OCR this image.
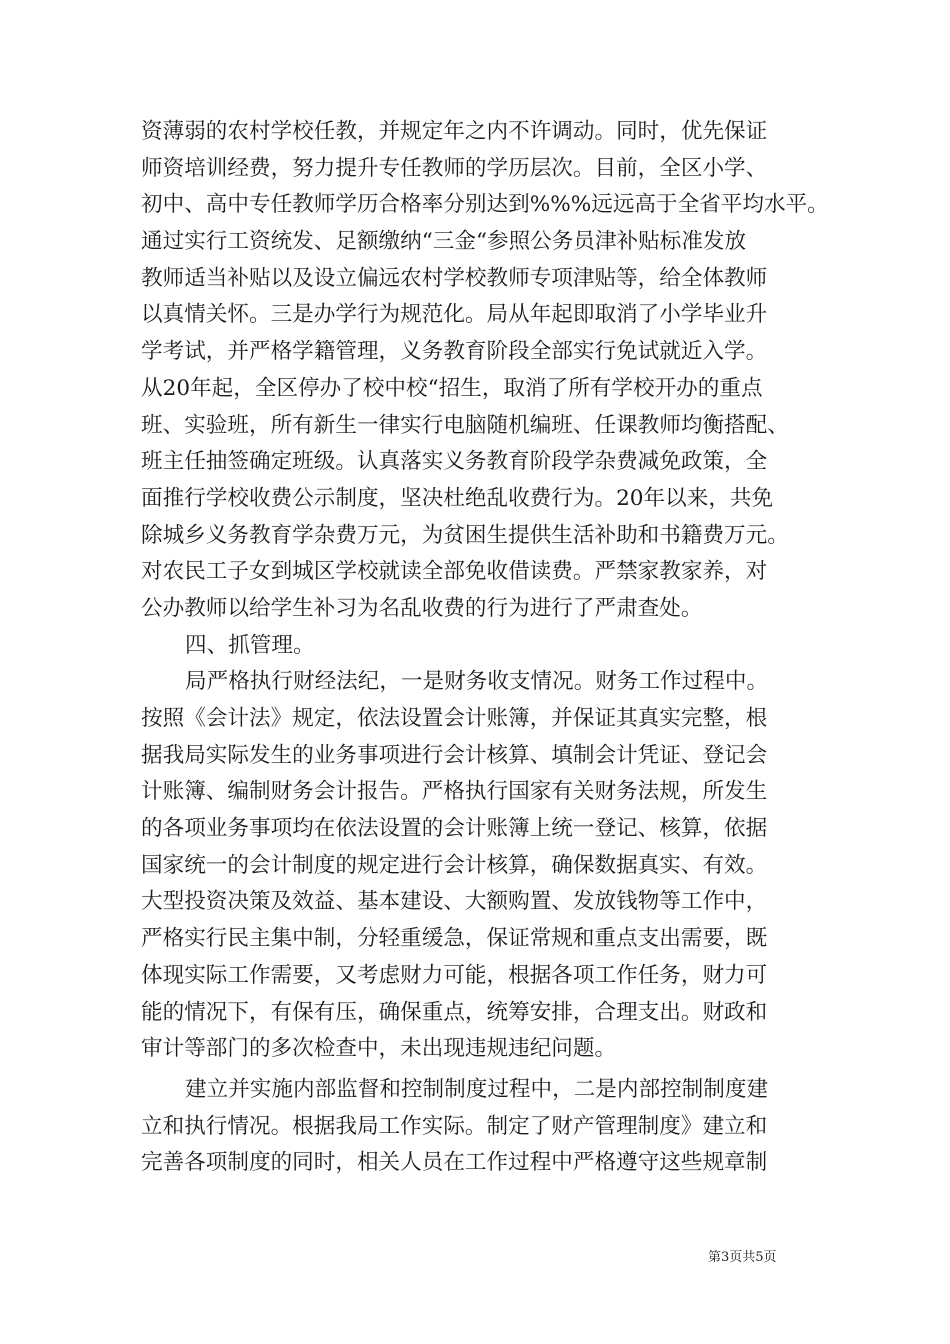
资薄弱的农村学校任教，并规定年之内不许调动。同时，优先保证
师资培训经费，努力提升专任教师的学历层次。目前，全区小学、
初中、高中专任教师学历合格率分别达到%%%远远高于全省平均水平。
通过实行工资统发、足额缴纳“三金“参照公务员津补贴标准发放
教师适当补贴以及设立偏远农村学校教师专项津贴等，给全体教师
以真情关怀。三是办学行为规范化。局从年起即取消了小学毕业升
学考试，并严格学籍管理，义务教育阶段全部实行免试就近入学。
从20年起，全区停办了校中校“招生，取消了所有学校开办的重点
班、实验班，所有新生一律实行电脑随机编班、任课教师均衡搭配、
班主任抽签确定班级。认真落实义务教育阶段学杂费减免政策，全
面推行学校收费公示制度，坚决杜绝乱收费行为。20年以来，共免
除城乡义务教育学杂费万元，为贫困生提供生活补助和书籍费万元。
对农民工子女到城区学校就读全部免收借读费。严禁家教家养，对
公办教师以给学生补习为名乱收费的行为进行了严肃查处。
四、抓管理。
局严格执行财经法纪，一是财务收支情况。财务工作过程中。
按照《会计法》规定，依法设置会计账簿，并保证其真实完整，根
据我局实际发生的业务事项进行会计核算、填制会计凭证、登记会
计账簿、编制财务会计报告。严格执行国家有关财务法规，所发生
的各项业务事项均在依法设置的会计账簿上统一登记、核算，依据
国家统一的会计制度的规定进行会计核算，确保数据真实、有效。
大型投资决策及效益、基本建设、大额购置、发放钱物等工作中，
严格实行民主集中制，分轻重缓急，保证常规和重点支出需要，既
体现实际工作需要，又考虑财力可能，根据各项工作任务，财力可
能的情况下，有保有压，确保重点，统筹安排，合理支出。财政和
审计等部门的多次检查中，未出现违规违纪问题。
建立并实施内部监督和控制制度过程中，二是内部控制制度建
立和执行情况。根据我局工作实际。制定了财产管理制度》建立和
完善各项制度的同时，相关人员在工作过程中严格遵守这些规章制
第3页共5页
